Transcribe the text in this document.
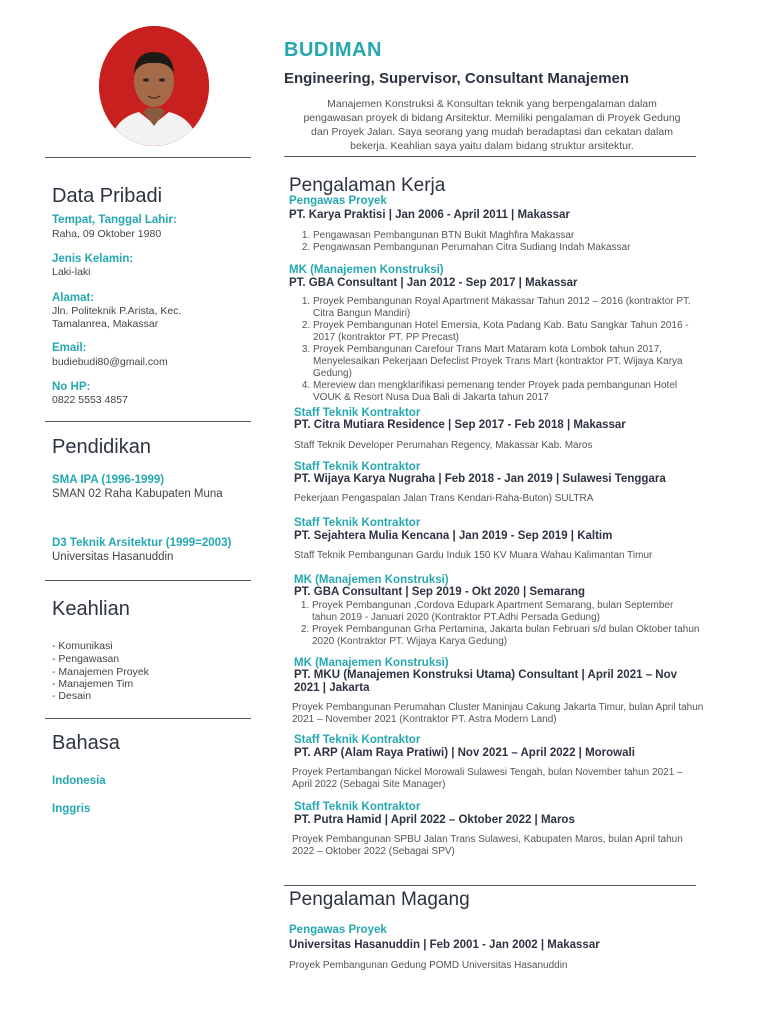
Data Pribadi
Tempat, Tanggal Lahir:
Raha, 09 Oktober 1980
Jenis Kelamin:
Laki-laki
Alamat:
Jln. Politeknik P.Arista, Kec.
Tamalanrea, Makassar
Email:
budiebudi80@gmail.com
No HP:
0822 5553 4857
Pendidikan
SMA IPA (1996-1999)
SMAN 02 Raha Kabupaten Muna
D3 Teknik Arsitektur (1999=2003)
Universitas Hasanuddin
Keahlian
- Komunikasi
- Pengawasan
- Manajemen Proyek
- Manajemen Tim
- Desain
Bahasa
Indonesia
Inggris
BUDIMAN
Engineering, Supervisor, Consultant Manajemen
Manajemen Konstruksi & Konsultan teknik yang berpengalaman dalam pengawasan proyek di bidang Arsitektur. Memiliki pengalaman di Proyek Gedung dan Proyek Jalan. Saya seorang yang mudah beradaptasi dan cekatan dalam bekerja. Keahlian saya yaitu dalam bidang struktur arsitektur.
Pengalaman Kerja
Pengawas Proyek
PT. Karya Praktisi | Jan 2006 - April 2011 | Makassar
1. Pengawasan Pembangunan BTN Bukit Maghfira Makassar
2. Pengawasan Pembangunan Perumahan Citra Sudiang Indah Makassar
MK (Manajemen Konstruksi)
PT. GBA Consultant | Jan 2012 - Sep 2017 | Makassar
1. Proyek Pembangunan Royal Apartment Makassar Tahun 2012 – 2016 (kontraktor PT. Citra Bangun Mandiri)
2. Proyek Pembangunan Hotel Emersia, Kota Padang Kab. Batu Sangkar Tahun 2016 - 2017 (kontraktor PT. PP Precast)
3. Proyek Pembangunan Carefour Trans Mart Mataram kota Lombok tahun 2017, Menyelesaikan Pekerjaan Defeclist Proyek Trans Mart (kontraktor PT. Wijaya Karya Gedung)
4. Mereview dan mengklarifikasi pemenang tender Proyek pada pembangunan Hotel VOUK & Resort Nusa Dua Bali di Jakarta tahun 2017
Staff Teknik Kontraktor
PT. Citra Mutiara Residence | Sep 2017 - Feb 2018 | Makassar
Staff Teknik Developer Perumahan Regency, Makassar Kab. Maros
Staff Teknik Kontraktor
PT. Wijaya Karya Nugraha | Feb 2018 - Jan 2019 | Sulawesi Tenggara
Pekerjaan Pengaspalan Jalan Trans Kendari-Raha-Buton) SULTRA
Staff Teknik Kontraktor
PT. Sejahtera Mulia Kencana | Jan 2019 - Sep 2019 | Kaltim
Staff Teknik Pembangunan Gardu Induk 150 KV Muara Wahau Kalimantan Timur
MK (Manajemen Konstruksi)
PT. GBA Consultant | Sep 2019 - Okt 2020 | Semarang
1. Proyek Pembangunan ,Cordova Edupark Apartment Semarang, bulan September tahun 2019 - Januari 2020 (Kontraktor PT.Adhi Persada Gedung)
2. Proyek Pembangunan Grha Pertamina, Jakarta bulan Februari s/d bulan Oktober tahun 2020 (Kontraktor PT. Wijaya Karya Gedung)
MK (Manajemen Konstruksi)
PT. MKU (Manajemen Konstruksi Utama) Consultant | April 2021 – Nov 2021 | Jakarta
Proyek Pembangunan Perumahan Cluster Maninjau Cakung Jakarta Timur, bulan April tahun 2021 – November 2021 (Kontraktor PT. Astra Modern Land)
Staff Teknik Kontraktor
PT. ARP (Alam Raya Pratiwi) | Nov 2021 – April 2022 | Morowali
Proyek Pertambangan Nickel Morowali Sulawesi Tengah, bulan November tahun 2021 – April 2022 (Sebagai Site Manager)
Staff Teknik Kontraktor
PT. Putra Hamid | April 2022 – Oktober 2022 | Maros
Proyek Pembangunan SPBU Jalan Trans Sulawesi, Kabupaten Maros, bulan April tahun 2022 – Oktober 2022 (Sebagai SPV)
Pengalaman Magang
Pengawas Proyek
Universitas Hasanuddin | Feb 2001 - Jan 2002 | Makassar
Proyek Pembangunan Gedung POMD Universitas Hasanuddin
